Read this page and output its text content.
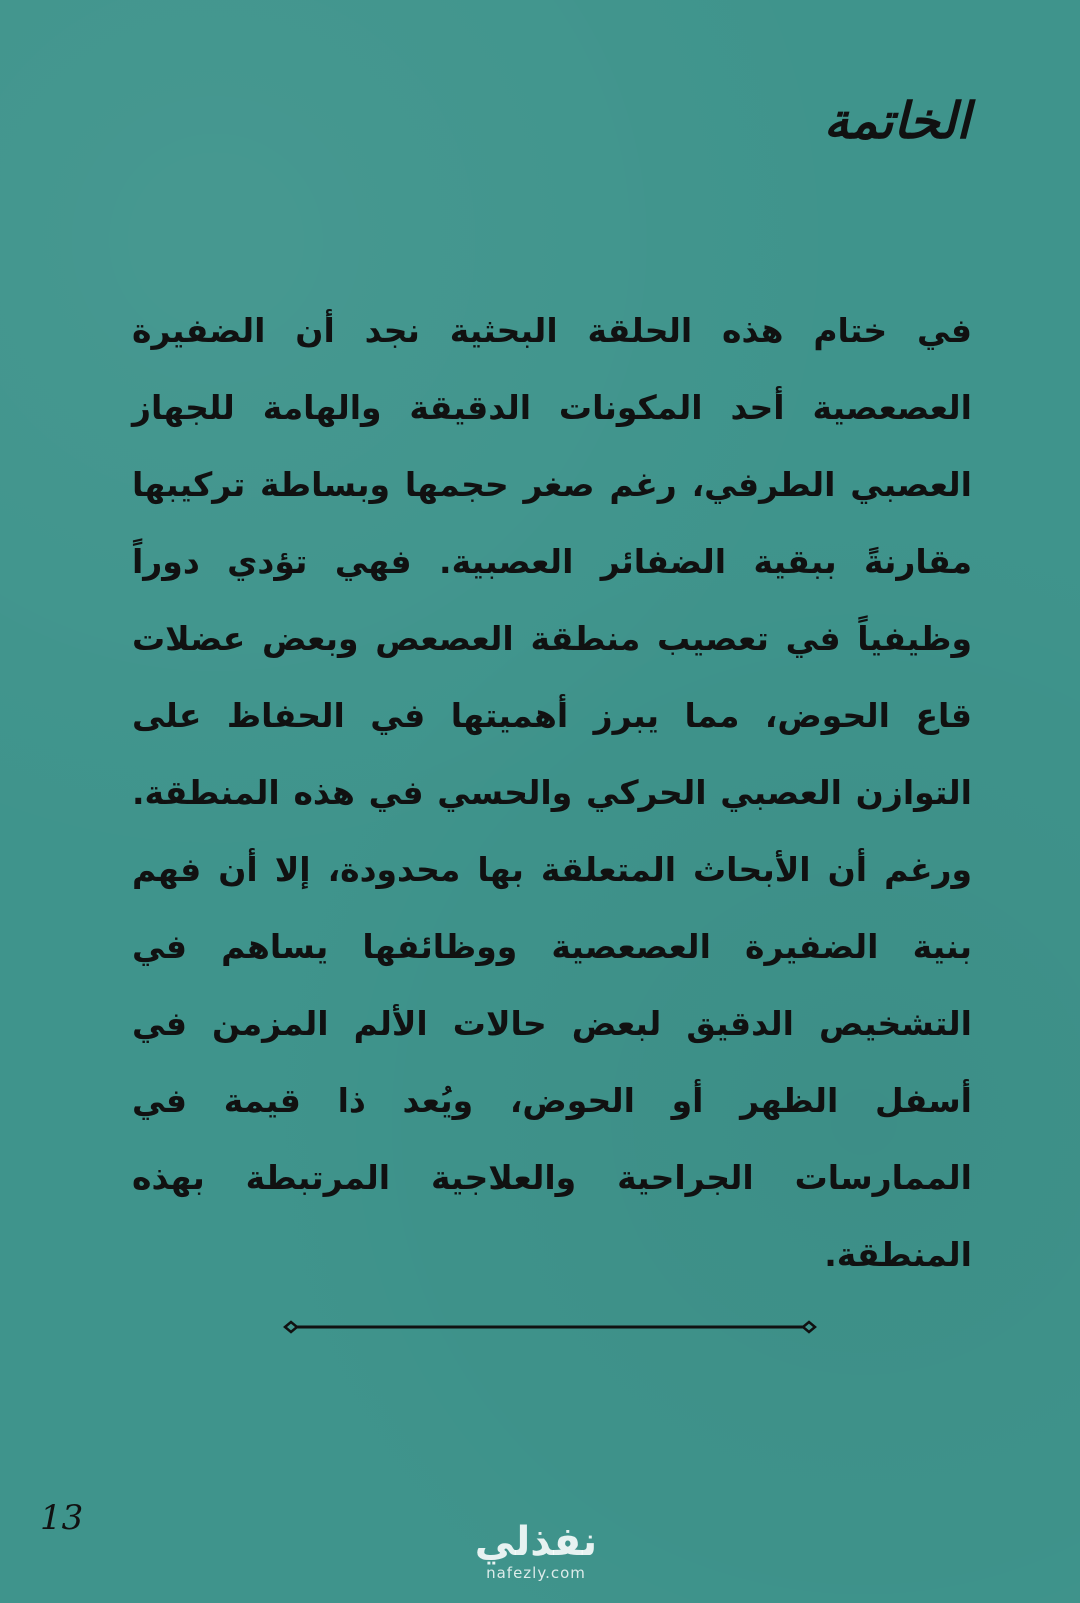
الخاتمة

في ختام هذه الحلقة البحثية نجد أن الضفيرة العصعصية أحد المكونات الدقيقة والهامة للجهاز العصبي الطرفي، رغم صغر حجمها وبساطة تركيبها مقارنةً ببقية الضفائر العصبية. فهي تؤدي دوراً وظيفياً في تعصيب منطقة العصعص وبعض عضلات قاع الحوض، مما يبرز أهميتها في الحفاظ على التوازن العصبي الحركي والحسي في هذه المنطقة. ورغم أن الأبحاث المتعلقة بها محدودة، إلا أن فهم بنية الضفيرة العصعصية ووظائفها يساهم في التشخيص الدقيق لبعض حالات الألم المزمن في أسفل الظهر أو الحوض، ويُعد ذا قيمة في الممارسات الجراحية والعلاجية المرتبطة بهذه المنطقة.

13
نفذلي
nafezly.com
